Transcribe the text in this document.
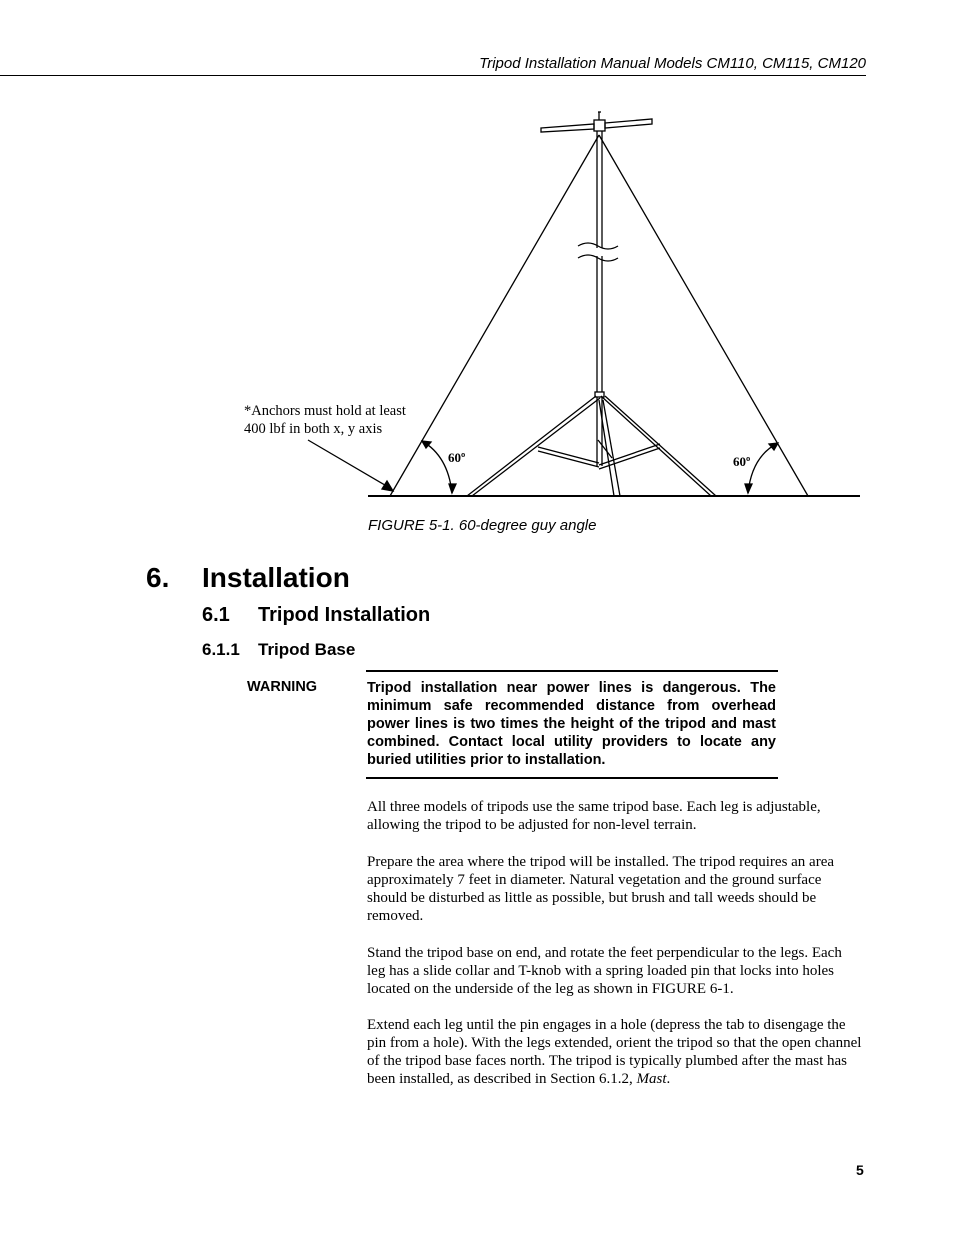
Tripod Installation Manual Models CM110, CM115, CM120
60º	60º
*Anchors must hold at least
400 lbf in both x, y axis
FIGURE 5-1. 60-degree guy angle
6. Installation
6.1 Tripod Installation
6.1.1 Tripod Base
WARNING	Tripod installation near power lines is dangerous. The minimum safe recommended distance from overhead power lines is two times the height of the tripod and mast combined. Contact local utility providers to locate any buried utilities prior to installation.
All three models of tripods use the same tripod base. Each leg is adjustable, allowing the tripod to be adjusted for non-level terrain.
Prepare the area where the tripod will be installed. The tripod requires an area approximately 7 feet in diameter. Natural vegetation and the ground surface should be disturbed as little as possible, but brush and tall weeds should be removed.
Stand the tripod base on end, and rotate the feet perpendicular to the legs. Each leg has a slide collar and T-knob with a spring loaded pin that locks into holes located on the underside of the leg as shown in FIGURE 6-1.
Extend each leg until the pin engages in a hole (depress the tab to disengage the pin from a hole). With the legs extended, orient the tripod so that the open channel of the tripod base faces north. The tripod is typically plumbed after the mast has been installed, as described in Section 6.1.2, Mast.
5
